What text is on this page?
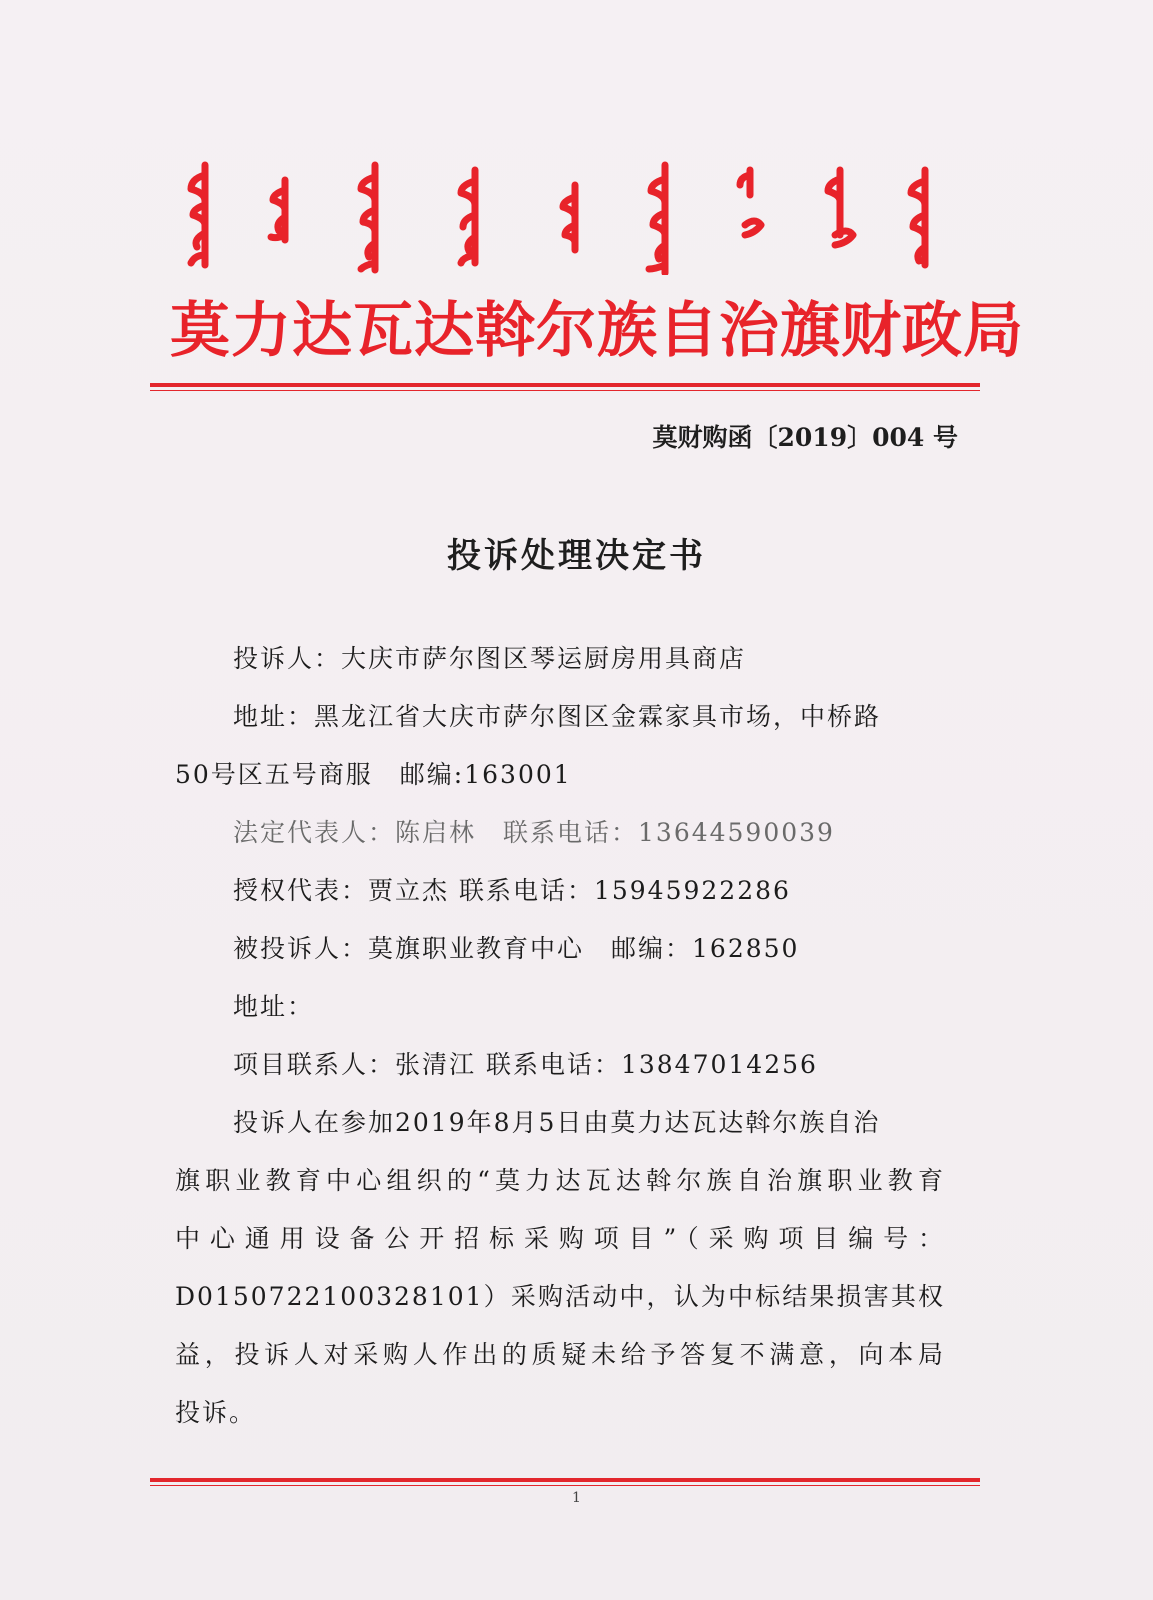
莫力达瓦达斡尔族自治旗财政局
莫财购函〔2019〕004 号
投诉处理决定书
投诉人：大庆市萨尔图区琴运厨房用具商店
地址：黑龙江省大庆市萨尔图区金霖家具市场，中桥路
50号区五号商服　邮编:163001
法定代表人：陈启林　联系电话：13644590039
授权代表：贾立杰 联系电话：15945922286
被投诉人：莫旗职业教育中心　邮编：162850
地址：
项目联系人：张清江 联系电话：13847014256
投诉人在参加2019年8月5日由莫力达瓦达斡尔族自治
旗职业教育中心组织的“莫力达瓦达斡尔族自治旗职业教育
中心通用设备公开招标采购项目”（采购项目编号：
D0150722100328101）采购活动中，认为中标结果损害其权
益，投诉人对采购人作出的质疑未给予答复不满意，向本局
投诉。
1
